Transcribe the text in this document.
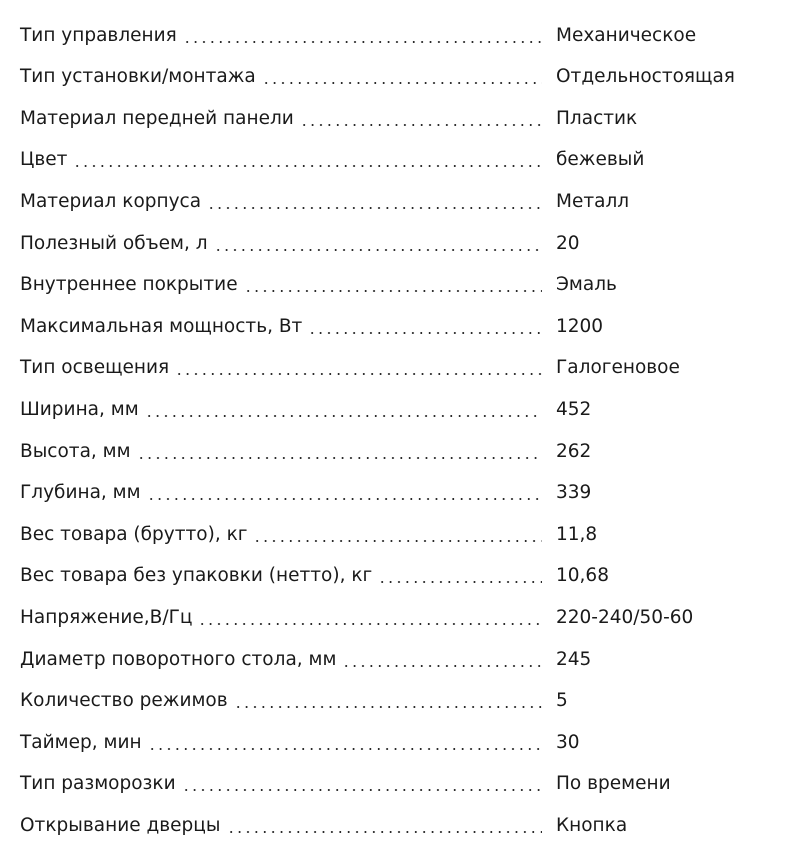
Тип управления	Механическое
Тип установки/монтажа	Отдельностоящая
Материал передней панели	Пластик
Цвет	бежевый
Материал корпуса	Металл
Полезный объем, л	20
Внутреннее покрытие	Эмаль
Максимальная мощность, Вт	1200
Тип освещения	Галогеновое
Ширина, мм	452
Высота, мм	262
Глубина, мм	339
Вес товара (брутто), кг	11,8
Вес товара без упаковки (нетто), кг	10,68
Напряжение,В/Гц	220-240/50-60
Диаметр поворотного стола, мм	245
Количество режимов	5
Таймер, мин	30
Тип разморозки	По времени
Открывание дверцы	Кнопка
